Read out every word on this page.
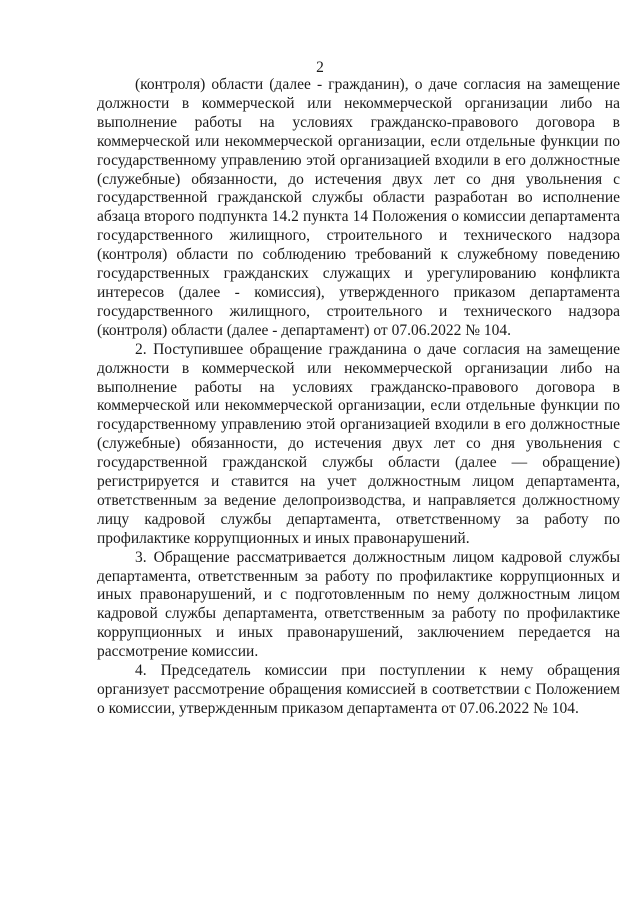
2

(контроля) области (далее - гражданин), о даче согласия на замещение должности в коммерческой или некоммерческой организации либо на выполнение работы на условиях гражданско-правового договора в коммерческой или некоммерческой организации, если отдельные функции по государственному управлению этой организацией входили в его должностные (служебные) обязанности, до истечения двух лет со дня увольнения с государственной гражданской службы области разработан во исполнение абзаца второго подпункта 14.2 пункта 14 Положения о комиссии департамента государственного жилищного, строительного и технического надзора (контроля) области по соблюдению требований к служебному поведению государственных гражданских служащих и урегулированию конфликта интересов (далее - комиссия), утвержденного приказом департамента государственного жилищного, строительного и технического надзора (контроля) области (далее - департамент) от 07.06.2022 № 104.

2. Поступившее обращение гражданина о даче согласия на замещение должности в коммерческой или некоммерческой организации либо на выполнение работы на условиях гражданско-правового договора в коммерческой или некоммерческой организации, если отдельные функции по государственному управлению этой организацией входили в его должностные (служебные) обязанности, до истечения двух лет со дня увольнения с государственной гражданской службы области (далее — обращение) регистрируется и ставится на учет должностным лицом департамента, ответственным за ведение делопроизводства, и направляется должностному лицу кадровой службы департамента, ответственному за работу по профилактике коррупционных и иных правонарушений.

3. Обращение рассматривается должностным лицом кадровой службы департамента, ответственным за работу по профилактике коррупционных и иных правонарушений, и с подготовленным по нему должностным лицом кадровой службы департамента, ответственным за работу по профилактике коррупционных и иных правонарушений, заключением передается на рассмотрение комиссии.

4. Председатель комиссии при поступлении к нему обращения организует рассмотрение обращения комиссией в соответствии с Положением о комиссии, утвержденным приказом департамента от 07.06.2022 № 104.
